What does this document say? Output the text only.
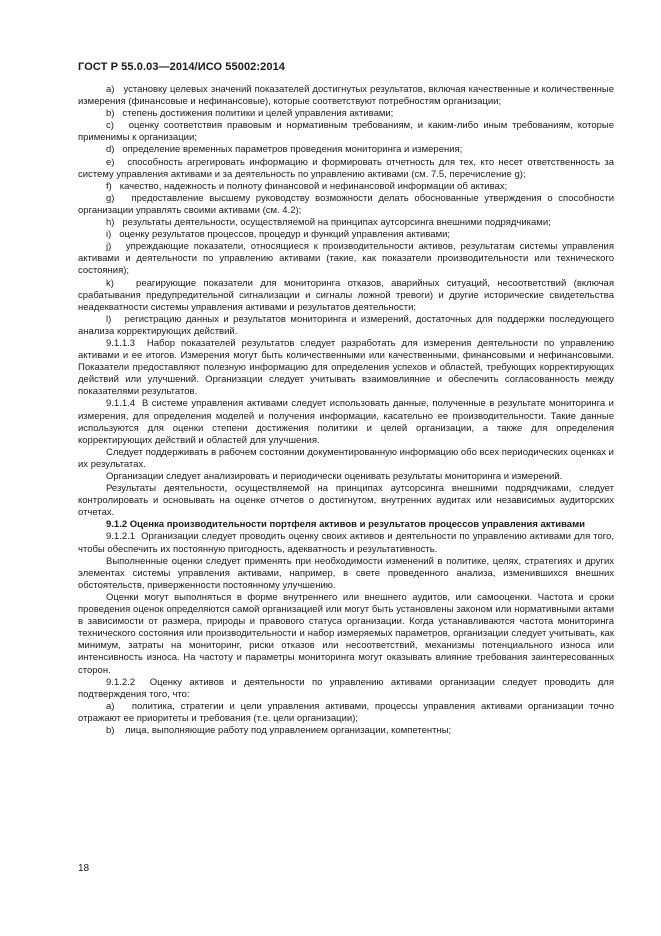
ГОСТ Р 55.0.03—2014/ИСО 55002:2014

a)   установку целевых значений показателей достигнутых результатов, включая качественные и количественные измерения (финансовые и нефинансовые), которые соответствуют потребностям организации;

b)   степень достижения политики и целей управления активами;

c)   оценку соответствия правовым и нормативным требованиям, и каким-либо иным требованиям, которые применимы к организации;

d)   определение временных параметров проведения мониторинга и измерения;

e)   способность агрегировать информацию и формировать отчетность для тех, кто несет ответственность за систему управления активами и за деятельность по управлению активами (см. 7.5, перечисление g);

f)   качество, надежность и полноту финансовой и нефинансовой информации об активах;

g)   предоставление высшему руководству возможности делать обоснованные утверждения о способности организации управлять своими активами (см. 4.2);

h)   результаты деятельности, осуществляемой на принципах аутсорсинга внешними подрядчиками;

i)   оценку результатов процессов, процедур и функций управления активами;

j)   упреждающие показатели, относящиеся к производительности активов, результатам системы управления активами и деятельности по управлению активами (такие, как показатели производительности или технического состояния);

k)   реагирующие показатели для мониторинга отказов, аварийных ситуаций, несоответствий (включая срабатывания предупредительной сигнализации и сигналы ложной тревоги) и другие исторические свидетельства неадекватности системы управления активами и результатов деятельности;

l)   регистрацию данных и результатов мониторинга и измерений, достаточных для поддержки последующего анализа корректирующих действий.

9.1.1.3  Набор показателей результатов следует разработать для измерения деятельности по управлению активами и ее итогов. Измерения могут быть количественными или качественными, финансовыми и нефинансовыми. Показатели предоставляют полезную информацию для определения успехов и областей, требующих корректирующих действий или улучшений. Организации следует учитывать взаимовлияние и обеспечить согласованность между показателями результатов.

9.1.1.4  В системе управления активами следует использовать данные, полученные в результате мониторинга и измерения, для определения моделей и получения информации, касательно ее производительности. Такие данные используются для оценки степени достижения политики и целей организации, а также для определения корректирующих действий и областей для улучшения.

Следует поддерживать в рабочем состоянии документированную информацию обо всех периодических оценках и их результатах.

Организации следует анализировать и периодически оценивать результаты мониторинга и измерений.

Результаты деятельности, осуществляемой на принципах аутсорсинга внешними подрядчиками, следует контролировать и основывать на оценке отчетов о достигнутом, внутренних аудитах или независимых аудиторских отчетах.

9.1.2 Оценка производительности портфеля активов и результатов процессов управления активами

9.1.2.1  Организации следует проводить оценку своих активов и деятельности по управлению активами для того, чтобы обеспечить их постоянную пригодность, адекватность и результативность.

Выполненные оценки следует применять при необходимости изменений в политике, целях, стратегиях и других элементах системы управления активами, например, в свете проведенного анализа, изменившихся внешних обстоятельств, приверженности постоянному улучшению.

Оценки могут выполняться в форме внутреннего или внешнего аудитов, или самооценки. Частота и сроки проведения оценок определяются самой организацией или могут быть установлены законом или нормативными актами в зависимости от размера, природы и правового статуса организации. Когда устанавливаются частота мониторинга технического состояния или производительности и набор измеряемых параметров, организации следует учитывать, как минимум, затраты на мониторинг, риски отказов или несоответствий, механизмы потенциального износа или интенсивность износа. На частоту и параметры мониторинга могут оказывать влияние требования заинтересованных сторон.

9.1.2.2  Оценку активов и деятельности по управлению активами организации следует проводить для подтверждения того, что:

a)   политика, стратегии и цели управления активами, процессы управления активами организации точно отражают ее приоритеты и требования (т.е. цели организации);

b)    лица, выполняющие работу под управлением организации, компетентны;

18
